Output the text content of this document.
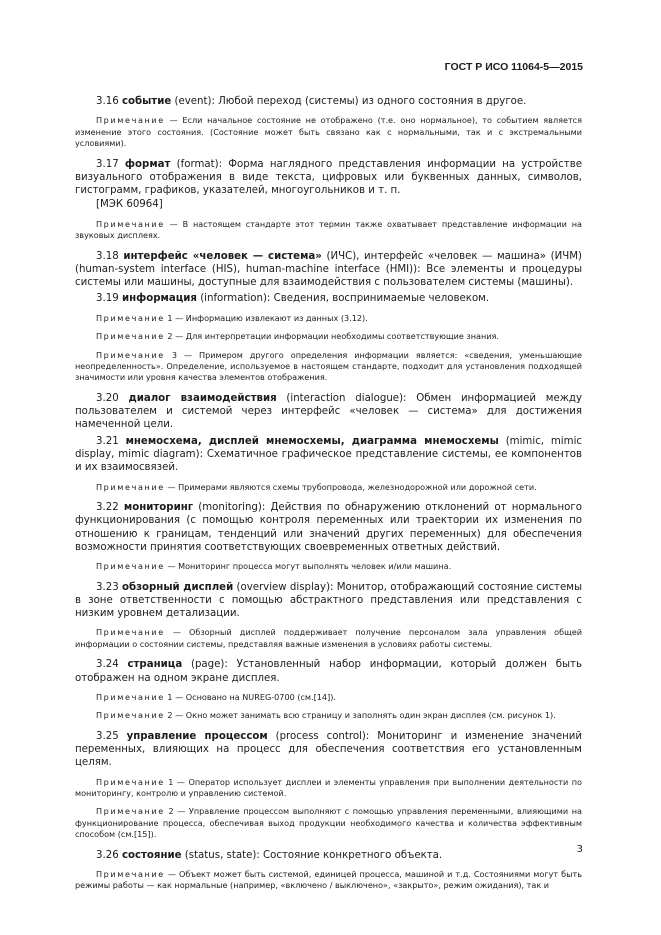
ГОСТ Р ИСО 11064-5—2015

3.16 событие (event): Любой переход (системы) из одного состояния в другое.

Примечание — Если начальное состояние не отображено (т.е. оно нормальное), то событием является изменение этого состояния. (Состояние может быть связано как с нормальными, так и с экстремальными условиями).

3.17 формат (format): Форма наглядного представления информации на устройстве визуального отображения в виде текста, цифровых или буквенных данных, символов, гистограмм, графиков, указателей, многоугольников и т. п.

[МЭК 60964]

Примечание — В настоящем стандарте этот термин также охватывает представление информации на звуковых дисплеях.

3.18 интерфейс «человек — система» (ИЧС), интерфейс «человек — машина» (ИЧМ) (human-system interface (HIS), human-machine interface (HMI)): Все элементы и процедуры системы или машины, доступные для взаимодействия с пользователем системы (машины).

3.19 информация (information): Сведения, воспринимаемые человеком.

Примечание 1 — Информацию извлекают из данных (3.12).

Примечание 2 — Для интерпретации информации необходимы соответствующие знания.

Примечание 3 — Примером другого определения информации является: «сведения, уменьшающие неопределенность». Определение, используемое в настоящем стандарте, подходит для установления подходящей значимости или уровня качества элементов отображения.

3.20 диалог взаимодействия (interaction dialogue): Обмен информацией между пользователем и системой через интерфейс «человек — система» для достижения намеченной цели.

3.21 мнемосхема, дисплей мнемосхемы, диаграмма мнемосхемы (mimic, mimic display, mimic diagram): Схематичное графическое представление системы, ее компонентов и их взаимосвязей.

Примечание — Примерами являются схемы трубопровода, железнодорожной или дорожной сети.

3.22 мониторинг (monitoring): Действия по обнаружению отклонений от нормального функционирования (с помощью контроля переменных или траектории их изменения по отношению к границам, тенденций или значений других переменных) для обеспечения возможности принятия соответствующих своевременных ответных действий.

Примечание — Мониторинг процесса могут выполнять человек и/или машина.

3.23 обзорный дисплей (overview display): Монитор, отображающий состояние системы в зоне ответственности с помощью абстрактного представления или представления с низким уровнем детализации.

Примечание — Обзорный дисплей поддерживает получение персоналом зала управления общей информации о состоянии системы, представляя важные изменения в условиях работы системы.

3.24 страница (page): Установленный набор информации, который должен быть отображен на одном экране дисплея.

Примечание 1 — Основано на NUREG-0700 (см.[14]).

Примечание 2 — Окно может занимать всю страницу и заполнять один экран дисплея (см. рисунок 1).

3.25 управление процессом (process control): Мониторинг и изменение значений переменных, влияющих на процесс для обеспечения соответствия его установленным целям.

Примечание 1 — Оператор использует дисплеи и элементы управления при выполнении деятельности по мониторингу, контролю и управлению системой.

Примечание 2 — Управление процессом выполняют с помощью управления переменными, влияющими на функционирование процесса, обеспечивая выход продукции необходимого качества и количества эффективным способом (см.[15]).

3.26 состояние (status, state): Состояние конкретного объекта.

Примечание — Объект может быть системой, единицей процесса, машиной и т.д. Состояниями могут быть режимы работы — как нормальные (например, «включено / выключено», «закрыто», режим ожидания), так и

3
